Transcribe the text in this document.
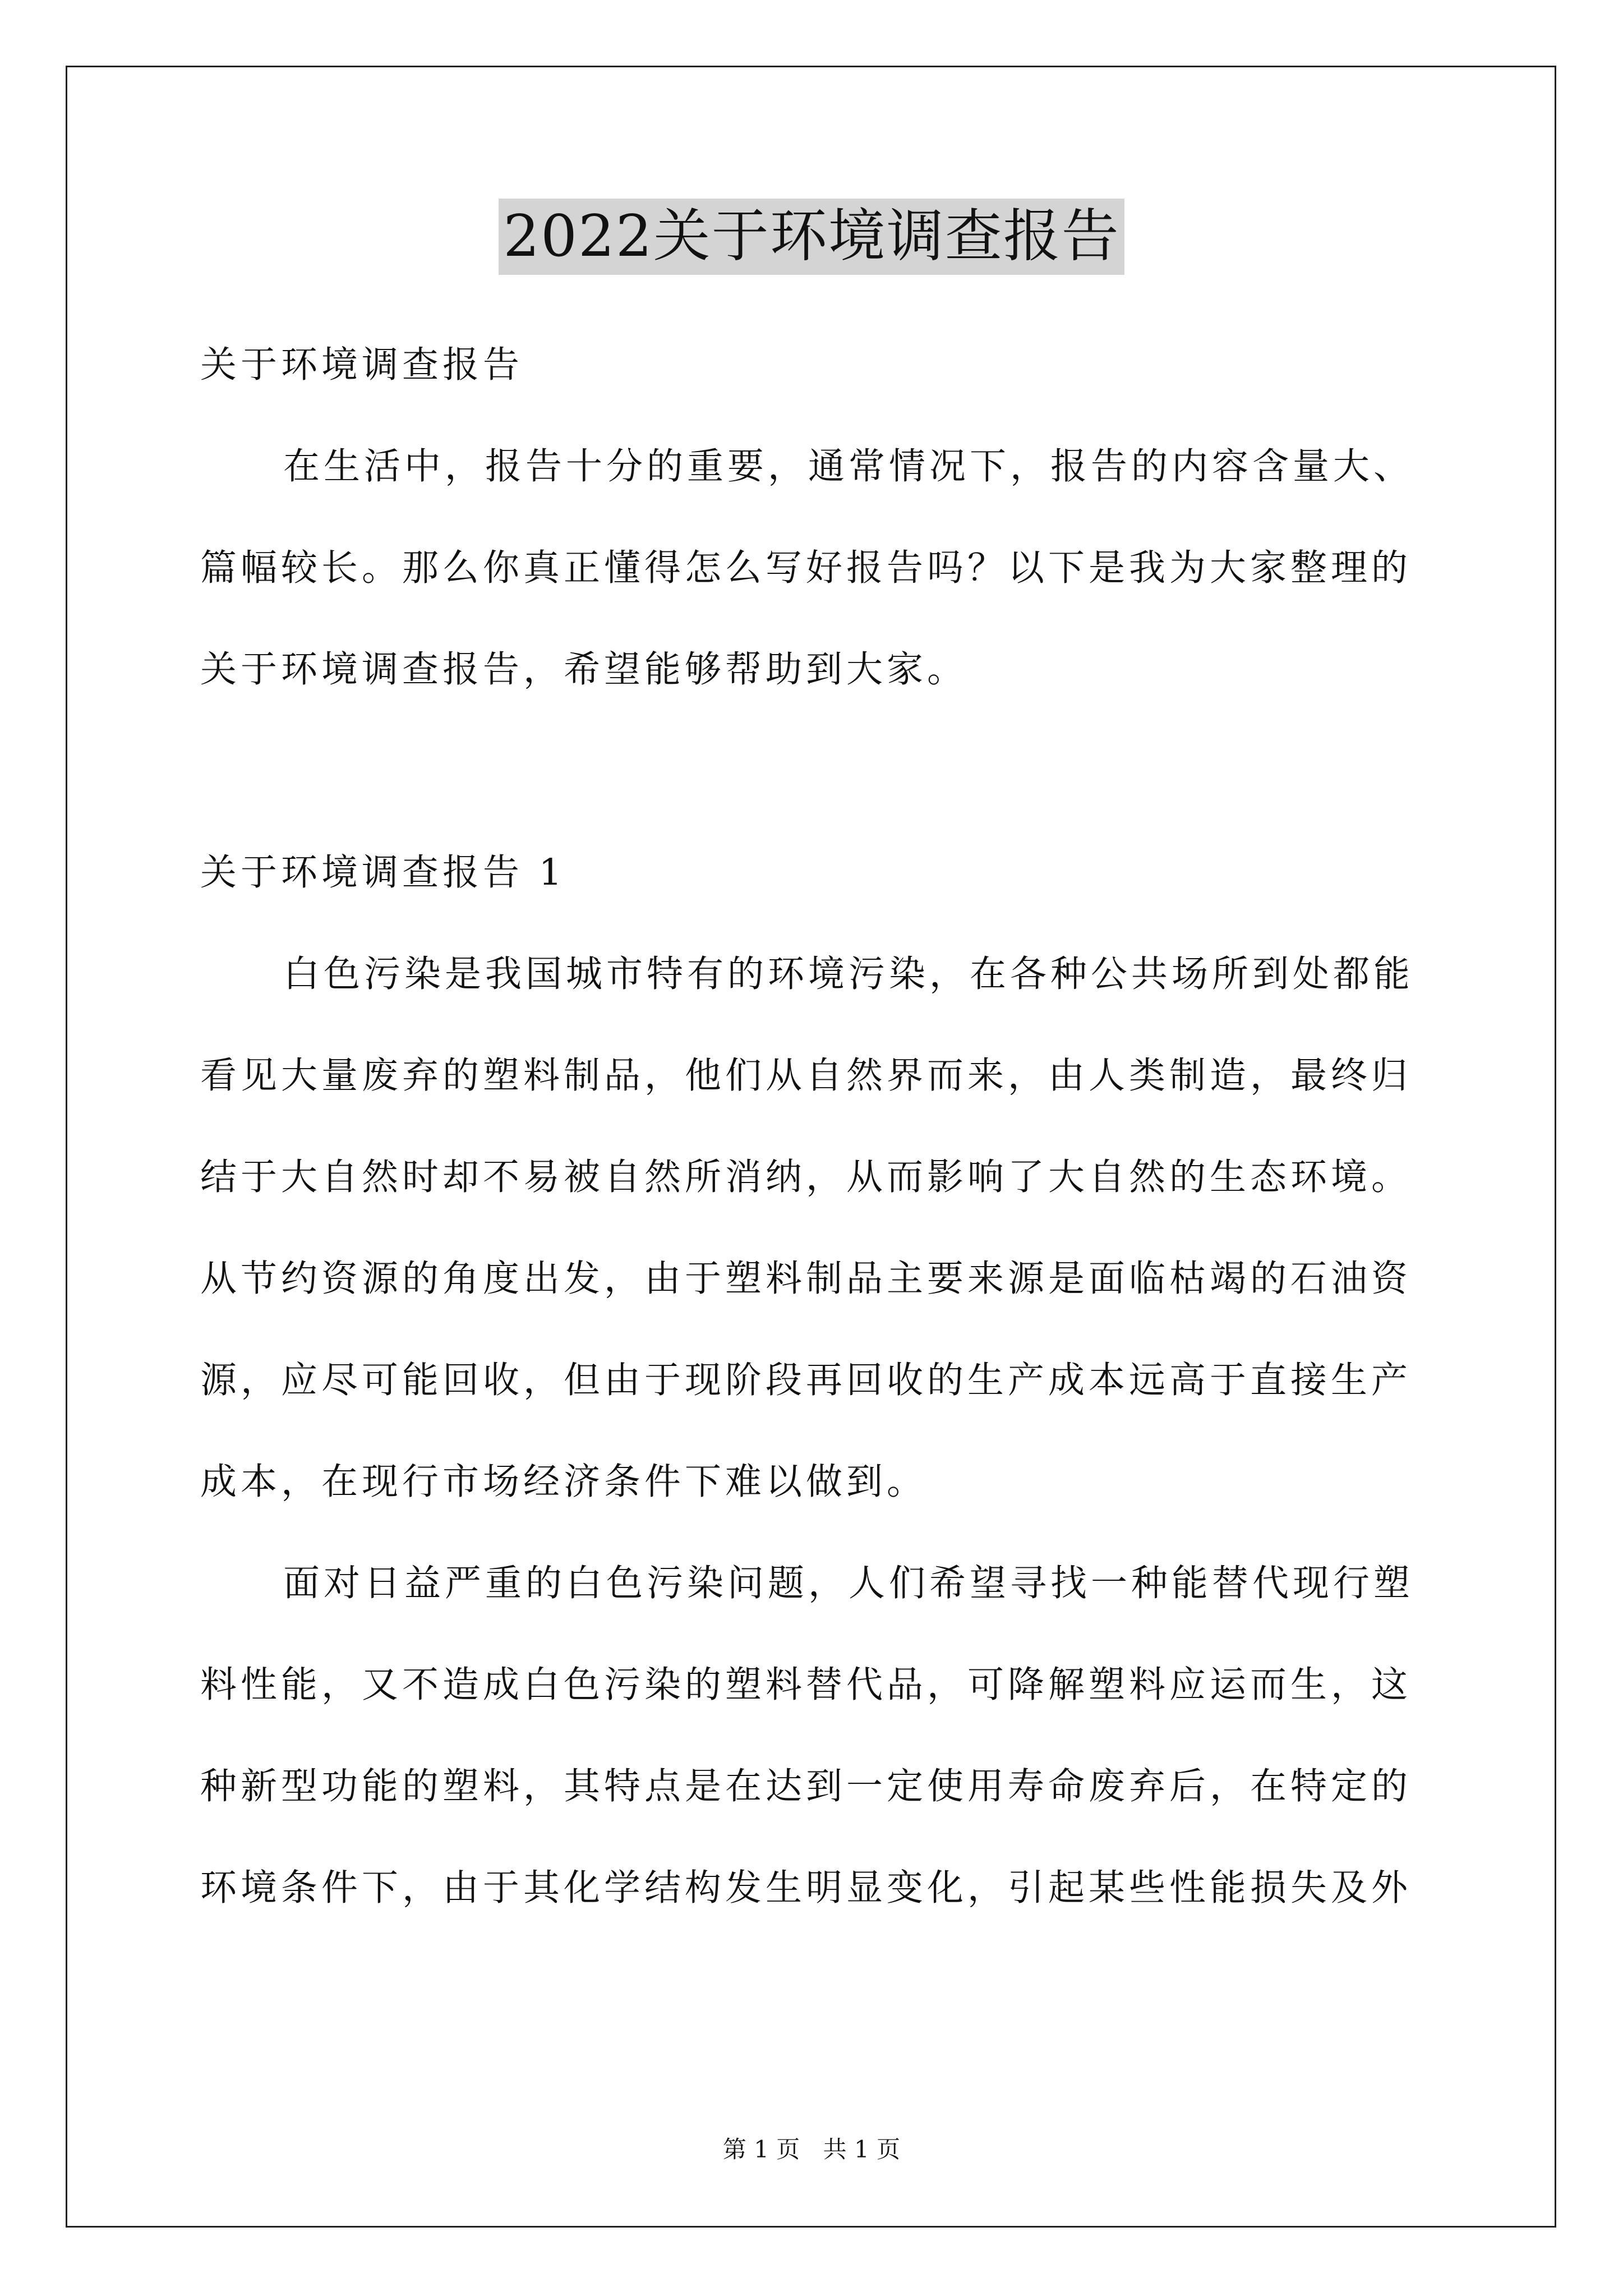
2022关于环境调查报告
关于环境调查报告
在生活中，报告十分的重要，通常情况下，报告的内容含量大、
篇幅较长。那么你真正懂得怎么写好报告吗？以下是我为大家整理的
关于环境调查报告，希望能够帮助到大家。
关于环境调查报告 1
白色污染是我国城市特有的环境污染，在各种公共场所到处都能
看见大量废弃的塑料制品，他们从自然界而来，由人类制造，最终归
结于大自然时却不易被自然所消纳，从而影响了大自然的生态环境。
从节约资源的角度出发，由于塑料制品主要来源是面临枯竭的石油资
源，应尽可能回收，但由于现阶段再回收的生产成本远高于直接生产
成本，在现行市场经济条件下难以做到。
面对日益严重的白色污染问题，人们希望寻找一种能替代现行塑
料性能，又不造成白色污染的塑料替代品，可降解塑料应运而生，这
种新型功能的塑料，其特点是在达到一定使用寿命废弃后，在特定的
环境条件下，由于其化学结构发生明显变化，引起某些性能损失及外
第 1 页 共 1 页
